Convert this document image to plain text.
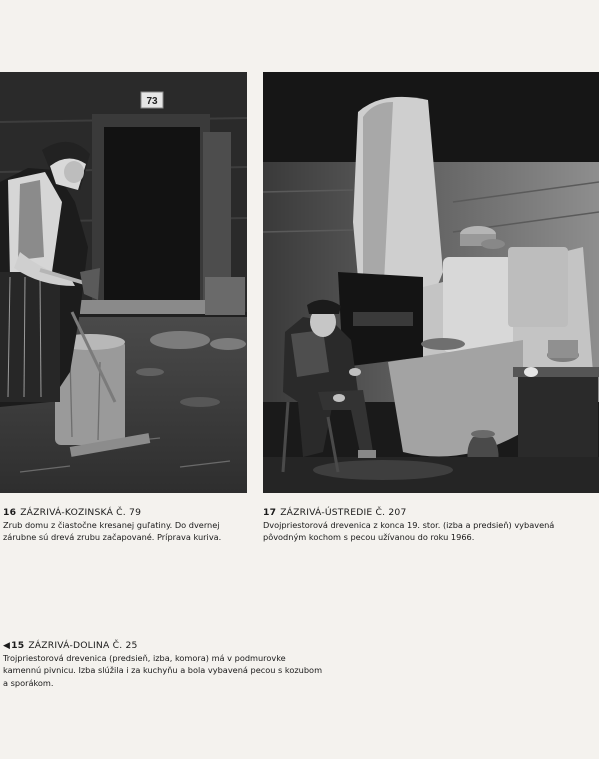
73
16 ZÁZRIVÁ-KOZINSKÁ Č. 79
Zrub domu z čiastočne kresanej guľatiny. Do dvernej zárubne sú drevá zrubu začapované. Príprava kuriva.
17 ZÁZRIVÁ-ÚSTREDIE Č. 207
Dvojpriestorová drevenica z konca 19. stor. (izba a predsieň) vybavená pôvodným kochom s pecou užívanou do roku 1966.
◀15 ZÁZRIVÁ-DOLINA Č. 25
Trojpriestorová drevenica (predsieň, izba, komora) má v podmurovke kamennú pivnicu. Izba slúžila i za kuchyňu a bola vybavená pecou s kozubom a sporákom.
